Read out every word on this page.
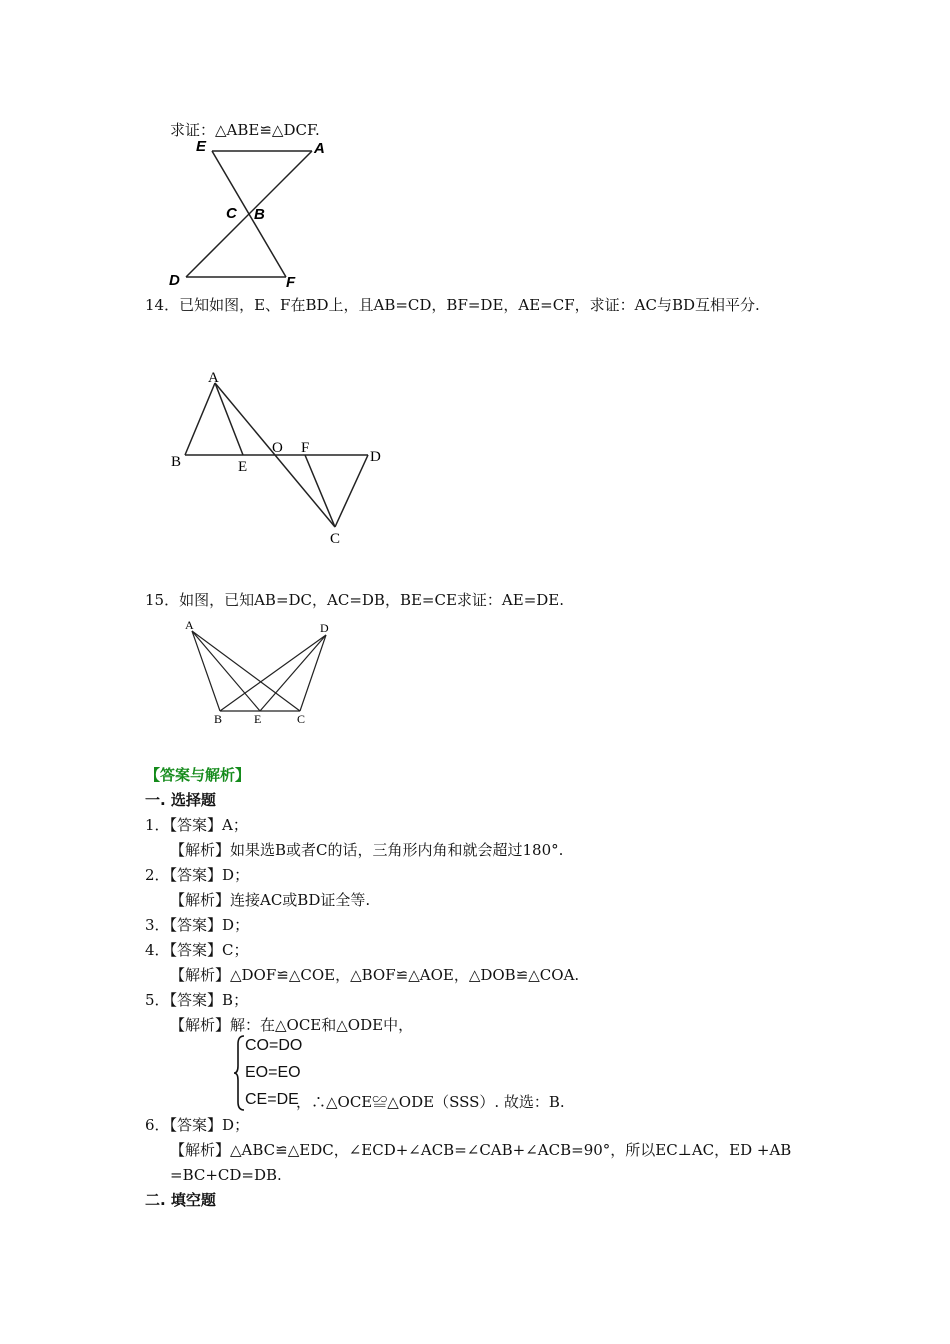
求证：△ABE≌△DCF.
E	A
C B
D	F
14．已知如图，E、F在BD上，且AB=CD，BF=DE，AE=CF，求证：AC与BD互相平分.
A
B	E
O F
D
C
15．如图，已知AB=DC，AC=DB，BE=CE求证：AE=DE.
A	D
B	E	C
【答案与解析】
一. 选择题
1．【答案】A；
【解析】如果选B或者C的话，三角形内角和就会超过180°.
2．【答案】D；
【解析】连接AC或BD证全等.
3．【答案】D；
4．【答案】C；
【解析】△DOF≌△COE，△BOF≌△AOE，△DOB≌△COA.
5．【答案】B；
【解析】解：在△OCE和△ODE中，
CO=DO
EO=EO
CE=DE
，∴△OCE≌△ODE（SSS）. 故选：B.
6．【答案】D；
【解析】△ABC≌△EDC，∠ECD+∠ACB=∠CAB+∠ACB=90°，所以EC⊥AC，ED +AB
=BC+CD=DB.
二. 填空题
